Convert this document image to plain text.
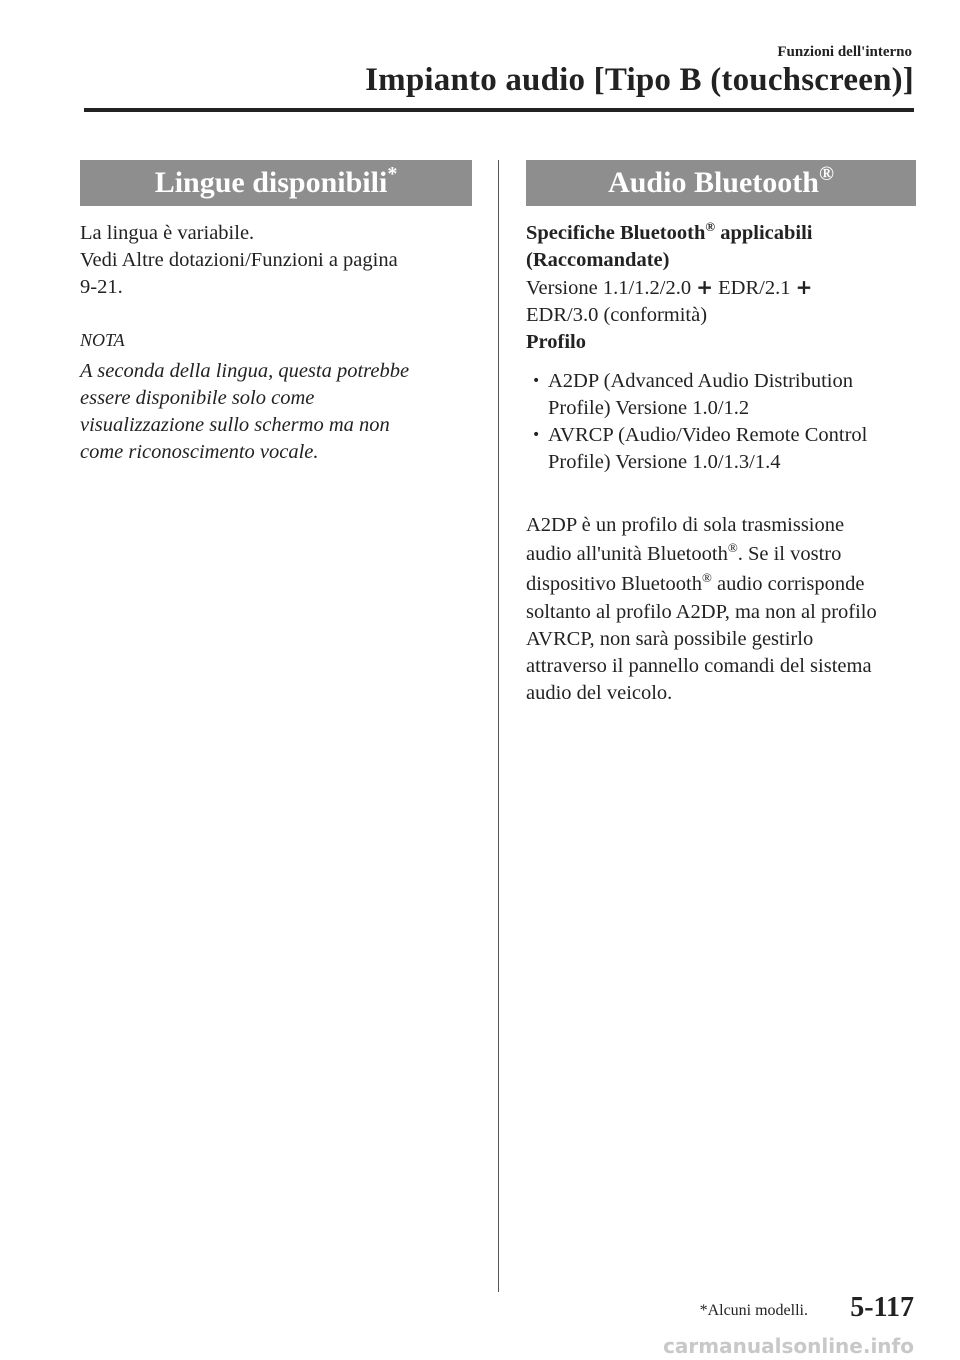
Funzioni dell'interno
Impianto audio [Tipo B (touchscreen)]
Lingue disponibili*

La lingua è variabile.

Vedi Altre dotazioni/Funzioni a pagina

9-21.

NOTA

A seconda della lingua, questa potrebbe

essere disponibile solo come

visualizzazione sullo schermo ma non

come riconoscimento vocale.

Audio Bluetooth®

Specifiche Bluetooth® applicabili

(Raccomandate)

Versione 1.1/1.2/2.0 + EDR/2.1 +

EDR/3.0 (conformità)

Profilo

• A2DP (Advanced Audio Distribution
Profile) Versione 1.0/1.2
• AVRCP (Audio/Video Remote Control
Profile) Versione 1.0/1.3/1.4

A2DP è un profilo di sola trasmissione

audio all'unità Bluetooth®. Se il vostro

dispositivo Bluetooth® audio corrisponde

soltanto al profilo A2DP, ma non al profilo

AVRCP, non sarà possibile gestirlo

attraverso il pannello comandi del sistema

audio del veicolo.

*Alcuni modelli. 5-117
carmanualsonline.info
